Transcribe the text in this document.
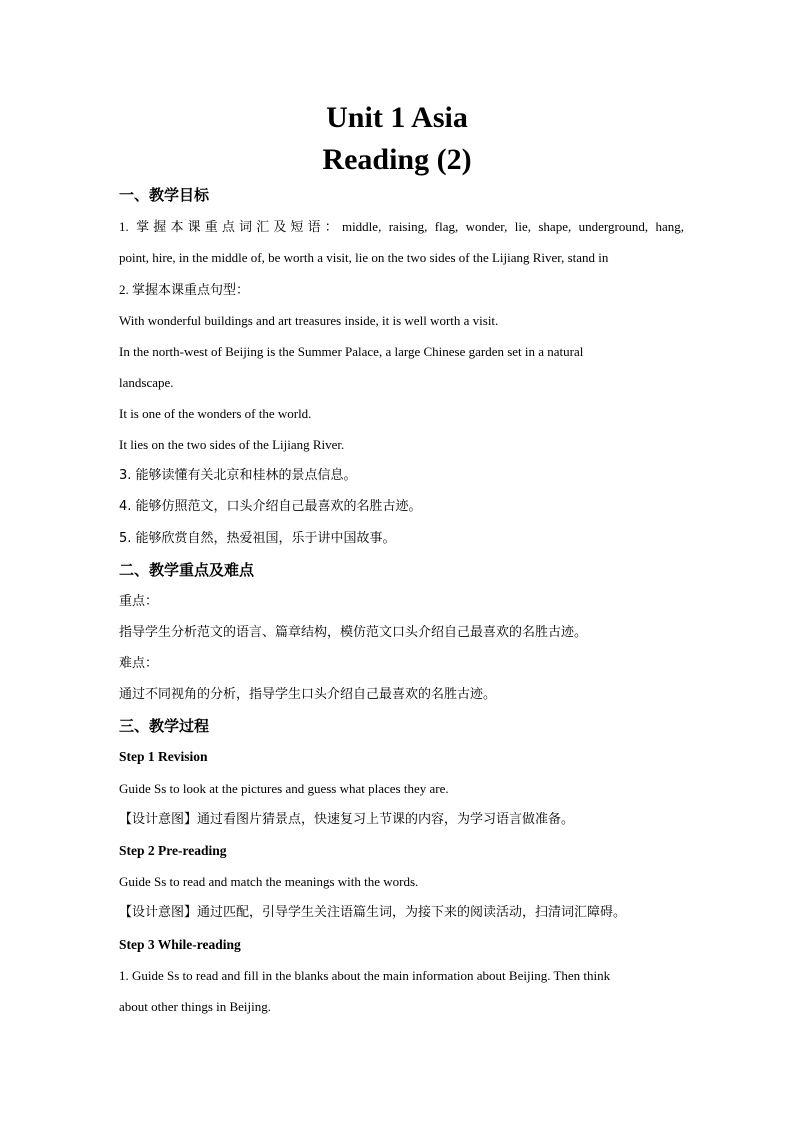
Unit 1 Asia
Reading (2)
一、教学目标
1. 掌握本课重点词汇及短语：middle, raising, flag, wonder, lie, shape, underground, hang,
point, hire, in the middle of, be worth a visit, lie on the two sides of the Lijiang River, stand in
2. 掌握本课重点句型：
With wonderful buildings and art treasures inside, it is well worth a visit.
In the north-west of Beijing is the Summer Palace, a large Chinese garden set in a natural
landscape.
It is one of the wonders of the world.
It lies on the two sides of the Lijiang River.
3. 能够读懂有关北京和桂林的景点信息。
4. 能够仿照范文，口头介绍自己最喜欢的名胜古迹。
5. 能够欣赏自然，热爱祖国，乐于讲中国故事。
二、教学重点及难点
重点：
指导学生分析范文的语言、篇章结构，模仿范文口头介绍自己最喜欢的名胜古迹。
难点：
通过不同视角的分析，指导学生口头介绍自己最喜欢的名胜古迹。
三、教学过程
Step 1 Revision
Guide Ss to look at the pictures and guess what places they are.
【设计意图】通过看图片猜景点，快速复习上节课的内容，为学习语言做准备。
Step 2 Pre-reading
Guide Ss to read and match the meanings with the words.
【设计意图】通过匹配，引导学生关注语篇生词，为接下来的阅读活动，扫清词汇障碍。
Step 3 While-reading
1. Guide Ss to read and fill in the blanks about the main information about Beijing. Then think
about other things in Beijing.
